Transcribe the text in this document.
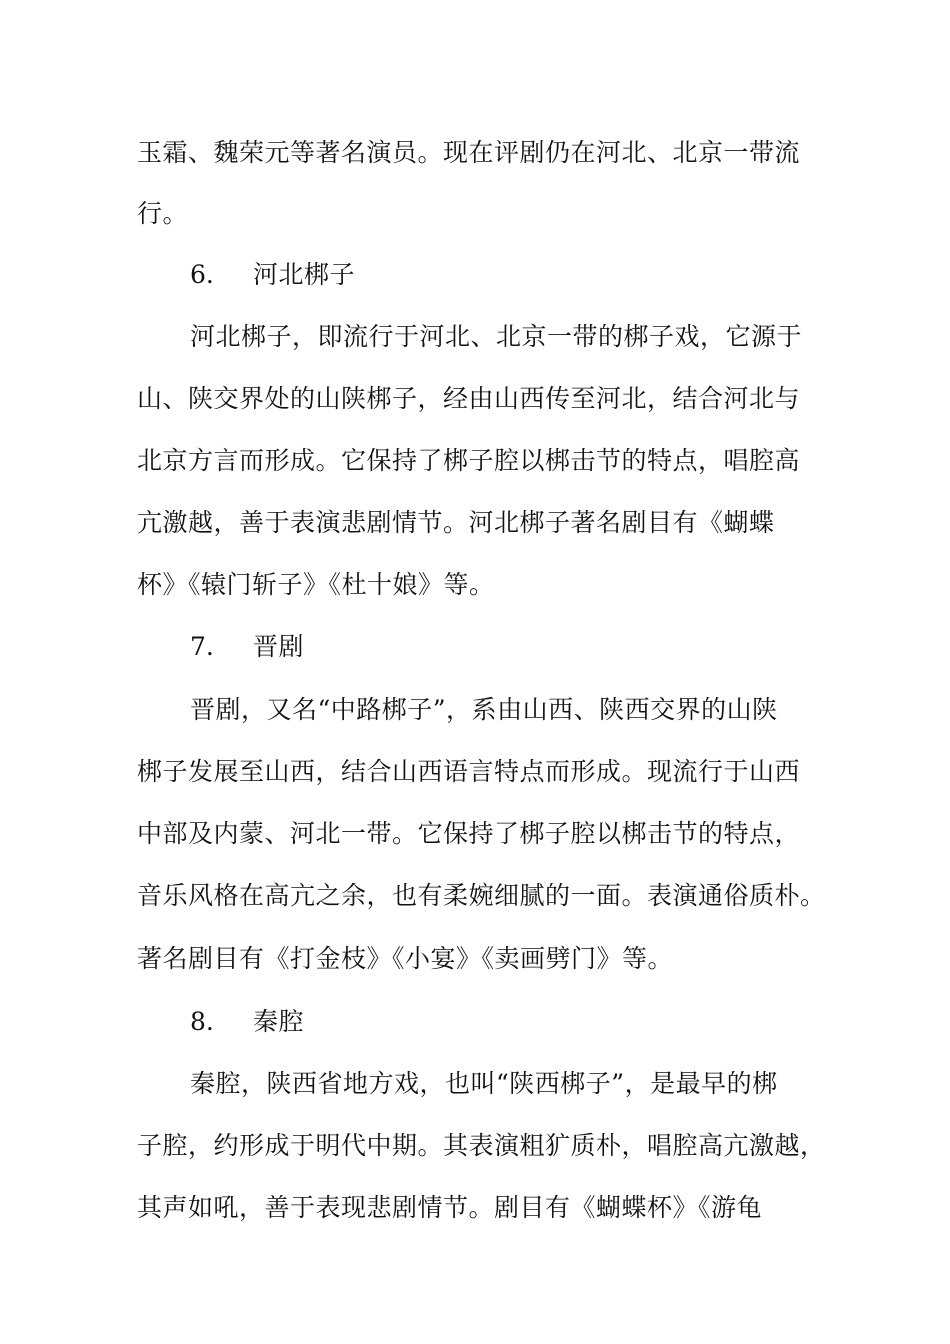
玉霜、魏荣元等著名演员。现在评剧仍在河北、北京一带流
行。
6. 河北梆子
河北梆子，即流行于河北、北京一带的梆子戏，它源于
山、陕交界处的山陕梆子，经由山西传至河北，结合河北与
北京方言而形成。它保持了梆子腔以梆击节的特点，唱腔高
亢激越，善于表演悲剧情节。河北梆子著名剧目有《蝴蝶
杯》《辕门斩子》《杜十娘》等。
7. 晋剧
晋剧，又名“中路梆子”，系由山西、陕西交界的山陕
梆子发展至山西，结合山西语言特点而形成。现流行于山西
中部及内蒙、河北一带。它保持了梆子腔以梆击节的特点，
音乐风格在高亢之余，也有柔婉细腻的一面。表演通俗质朴。
著名剧目有《打金枝》《小宴》《卖画劈门》等。
8. 秦腔
秦腔，陕西省地方戏，也叫“陕西梆子”，是最早的梆
子腔，约形成于明代中期。其表演粗犷质朴，唱腔高亢激越，
其声如吼，善于表现悲剧情节。剧目有《蝴蝶杯》《游龟
